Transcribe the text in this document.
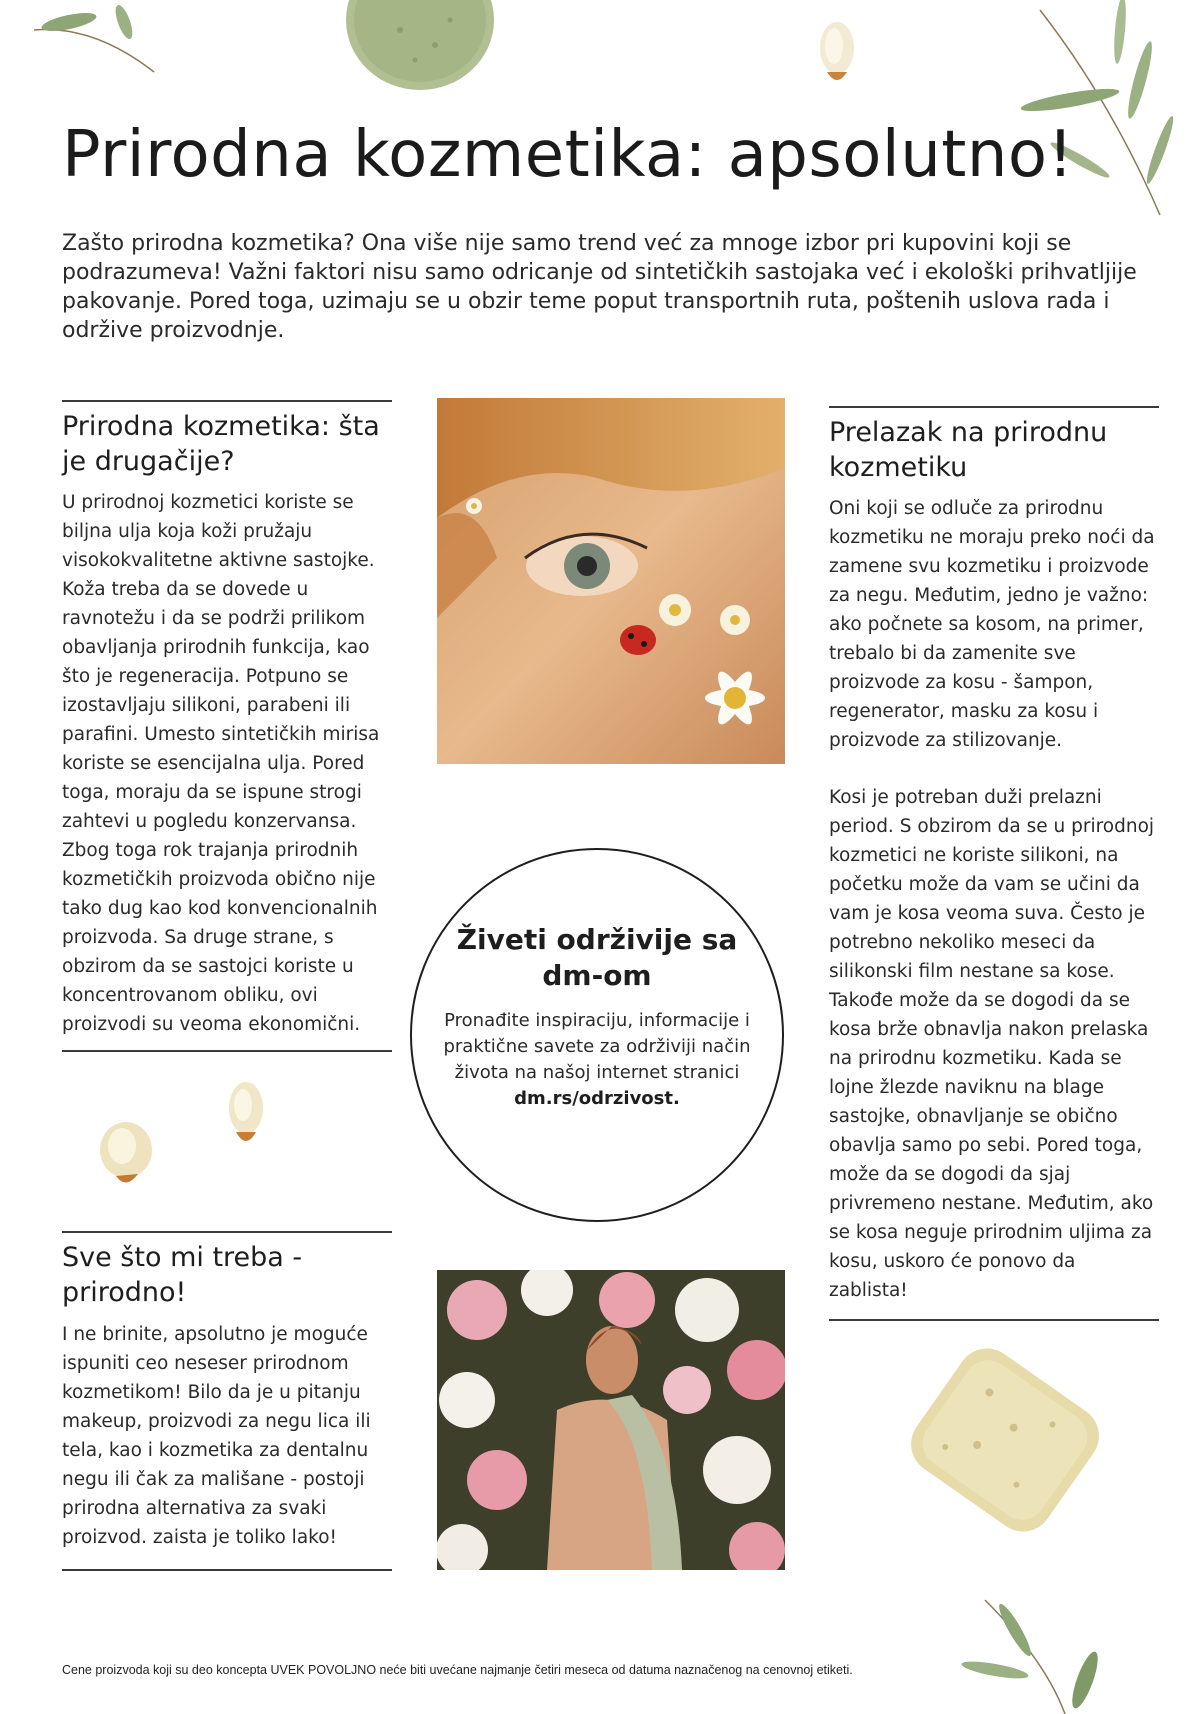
Prirodna kozmetika: apsolutno!

Zašto prirodna kozmetika? Ona više nije samo trend već za mnoge izbor pri kupovini koji se podrazumeva! Važni faktori nisu samo odricanje od sintetičkih sastojaka već i ekološki prihvatljije pakovanje. Pored toga, uzimaju se u obzir teme poput transportnih ruta, poštenih uslova rada i održive proizvodnje.

Prirodna kozmetika: šta je drugačije?

U prirodnoj kozmetici koriste se biljna ulja koja koži pružaju visokokvalitetne aktivne sastojke. Koža treba da se dovede u ravnotežu i da se podrži prilikom obavljanja prirodnih funkcija, kao što je regeneracija. Potpuno se izostavljaju silikoni, parabeni ili parafini. Umesto sintetičkih mirisa koriste se esencijalna ulja. Pored toga, moraju da se ispune strogi zahtevi u pogledu konzervansa. Zbog toga rok trajanja prirodnih kozmetičkih proizvoda obično nije tako dug kao kod konvencionalnih proizvoda. Sa druge strane, s obzirom da se sastojci koriste u koncentrovanom obliku, ovi proizvodi su veoma ekonomični.

Sve što mi treba - prirodno!

I ne brinite, apsolutno je moguće ispuniti ceo neseser prirodnom kozmetikom! Bilo da je u pitanju makeup, proizvodi za negu lica ili tela, kao i kozmetika za dentalnu negu ili čak za mališane - postoji prirodna alternativa za svaki proizvod. zaista je toliko lako!

Živeti održivije sa dm-om

Pronađite inspiraciju, informacije i praktične savete za održiviji način života na našoj internet stranici

dm.rs/odrzivost.

Prelazak na prirodnu kozmetiku

Oni koji se odluče za prirodnu kozmetiku ne moraju preko noći da zamene svu kozmetiku i proizvode za negu. Međutim, jedno je važno: ako počnete sa kosom, na primer, trebalo bi da zamenite sve proizvode za kosu - šampon, regenerator, masku za kosu i proizvode za stilizovanje.

Kosi je potreban duži prelazni period. S obzirom da se u prirodnoj kozmetici ne koriste silikoni, na početku može da vam se učini da vam je kosa veoma suva. Često je potrebno nekoliko meseci da silikonski film nestane sa kose. Takođe može da se dogodi da se kosa brže obnavlja nakon prelaska na prirodnu kozmetiku. Kada se lojne žlezde naviknu na blage sastojke, obnavljanje se obično obavlja samo po sebi. Pored toga, može da se dogodi da sjaj privremeno nestane. Međutim, ako se kosa neguje prirodnim uljima za kosu, uskoro će ponovo da zablista!

Cene proizvoda koji su deo koncepta UVEK POVOLJNO neće biti uvećane najmanje četiri meseca od datuma naznačenog na cenovnoj etiketi.
